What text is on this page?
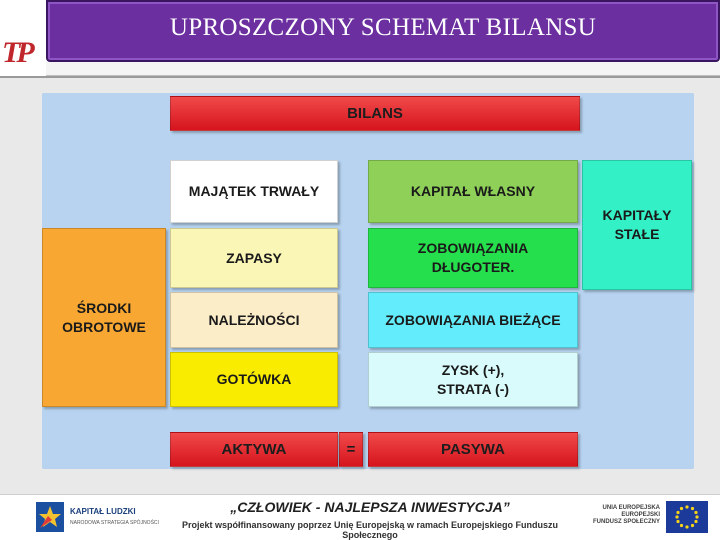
TP
UPROSZCZONY SCHEMAT BILANSU
BILANS
MAJĄTEK TRWAŁY
ZAPASY
NALEŻNOŚCI
GOTÓWKA
ŚRODKI
OBROTOWE
KAPITAŁ WŁASNY
ZOBOWIĄZANIA
DŁUGOTER.
ZOBOWIĄZANIA BIEŻĄCE
ZYSK (+),
STRATA (-)
KAPITAŁY
STAŁE
AKTYWA	=	PASYWA
KAPITAŁ LUDZKI
NARODOWA STRATEGIA SPÓJNOŚCI
„CZŁOWIEK - NAJLEPSZA INWESTYCJA”
Projekt współfinansowany poprzez Unię Europejską w ramach Europejskiego Funduszu Społecznego
UNIA EUROPEJSKA
EUROPEJSKI
FUNDUSZ SPOŁECZNY
